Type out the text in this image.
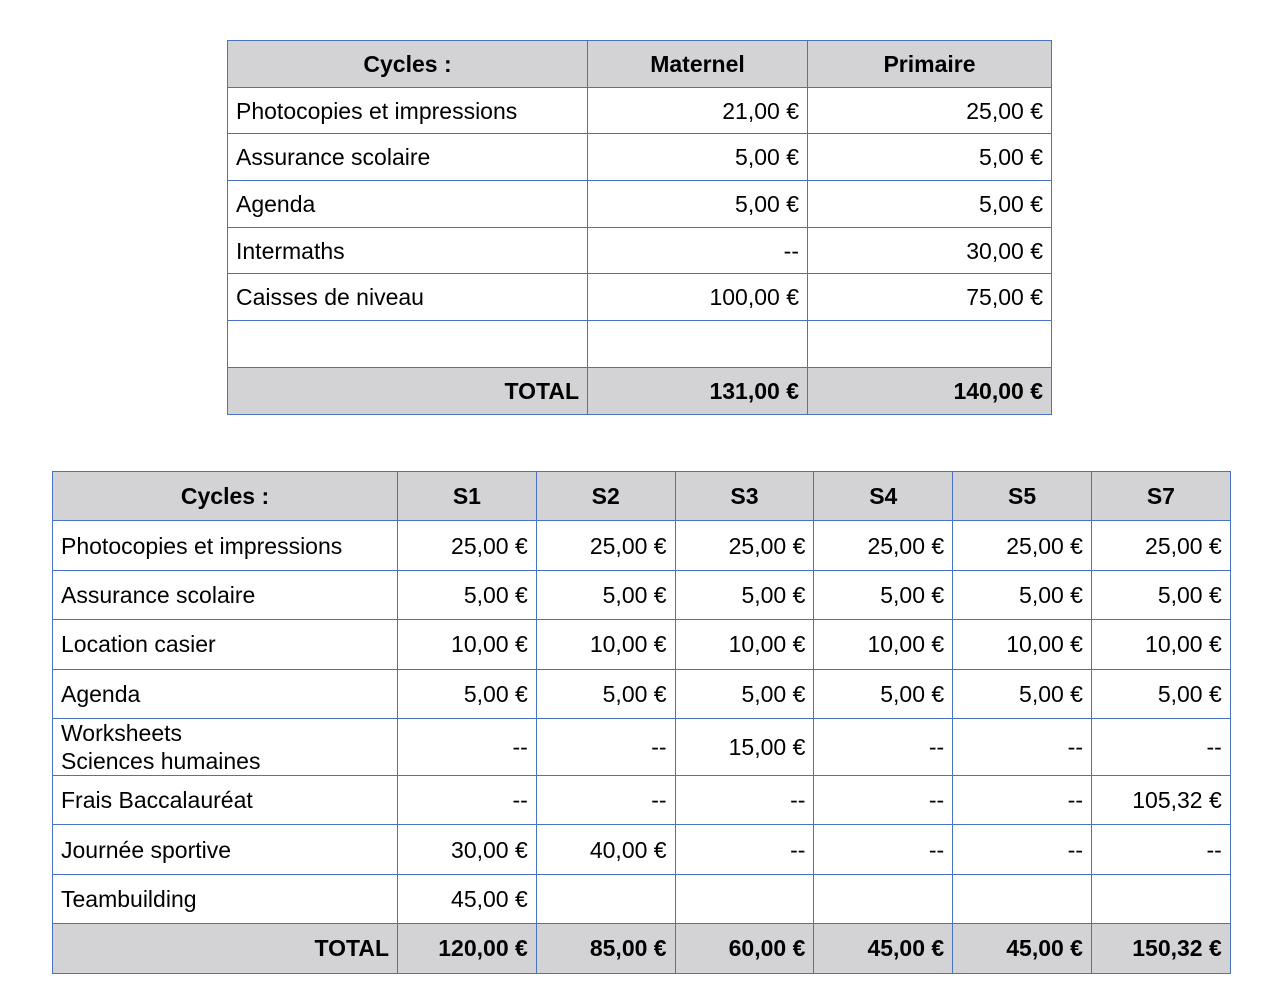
Cycles :	Maternel	Primaire
Photocopies et impressions	21,00 €	25,00 €
Assurance scolaire	5,00 €	5,00 €
Agenda	5,00 €	5,00 €
Intermaths	--	30,00 €
Caisses de niveau	100,00 €	75,00 €

TOTAL	131,00 €	140,00 €
Cycles :	S1	S2	S3	S4	S5	S7
Photocopies et impressions	25,00 €	25,00 €	25,00 €	25,00 €	25,00 €	25,00 €
Assurance scolaire	5,00 €	5,00 €	5,00 €	5,00 €	5,00 €	5,00 €
Location casier	10,00 €	10,00 €	10,00 €	10,00 €	10,00 €	10,00 €
Agenda	5,00 €	5,00 €	5,00 €	5,00 €	5,00 €	5,00 €

Worksheets
Sciences humaines	--	--	15,00 €	--	--	--
Frais Baccalauréat	--	--	--	--	--	105,32 €
Journée sportive	30,00 €	40,00 €	--	--	--	--
Teambuilding	45,00 €					
TOTAL	120,00 €	85,00 €	60,00 €	45,00 €	45,00 €	150,32 €
